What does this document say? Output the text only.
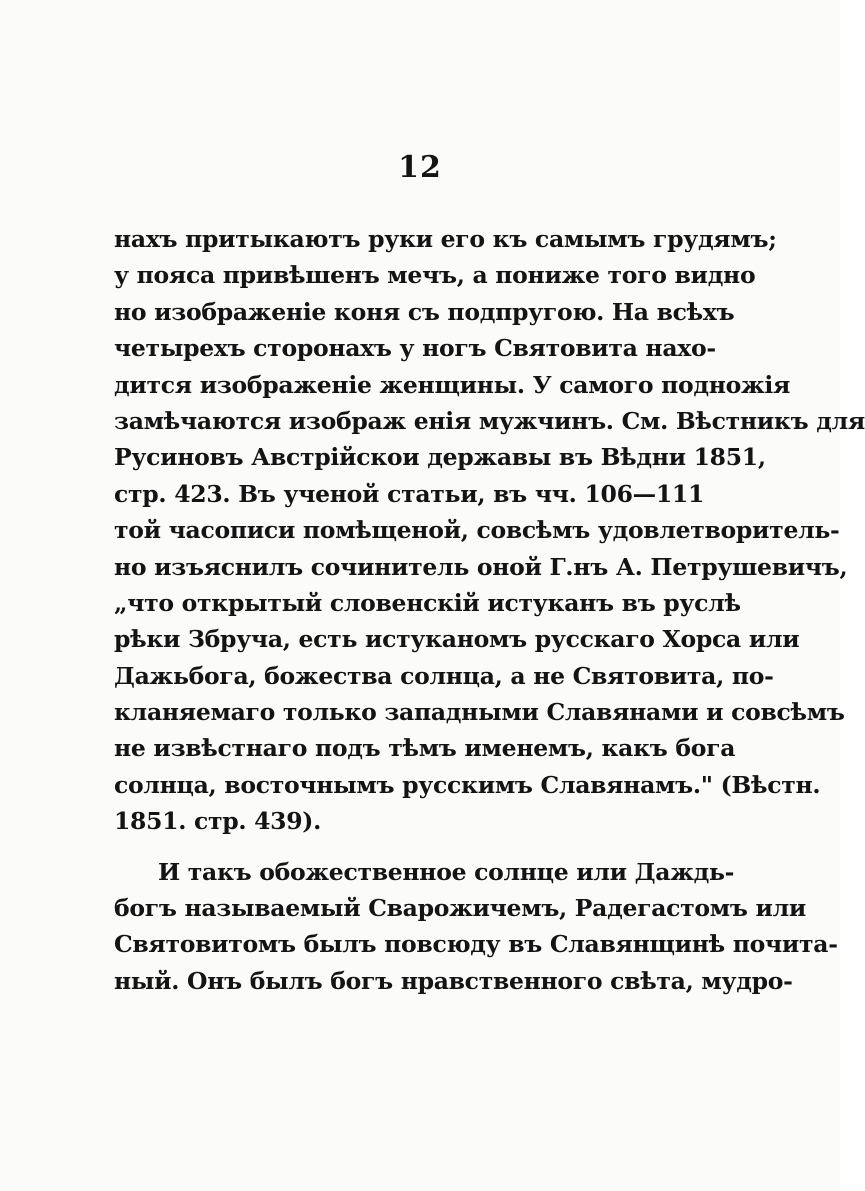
12
нахъ притыкаютъ руки его къ самымъ грудямъ;
у пояса привѣшенъ мечъ, а пониже того видно
но изображенiе коня съ подпругою. На всѣхъ
четырехъ сторонахъ у ногъ Святовита нахо-
дится изображенiе женщины. У самого подножiя
замѣчаются изображ енiя мужчинъ. См. Вѣстникъ для
Русиновъ Австрiйскои державы въ Вѣдни 1851,
стр. 423. Въ ученой статьи, въ чч. 106—111
той часописи помѣщеной, совсѣмъ удовлетворитель-
но изъяснилъ сочинитель оной Г.нъ А. Петрушевичъ,
„что открытый словенскiй истуканъ въ руслѣ
рѣки Збруча, есть истуканомъ русскаго Хорса или
Дажьбога, божества солнца, а не Святовита, по-
кланяемаго только западными Славянами и совсѣмъ
не извѣстнаго подъ тѣмъ именемъ, какъ бога
солнца, восточнымъ русскимъ Славянамъ." (Вѣстн.
1851. стр. 439).
И такъ обожественное солнце или Даждь-
богъ называемый Сварожичемъ, Радегастомъ или
Святовитомъ былъ повсюду въ Славянщинѣ почита-
ный. Онъ былъ богъ нравственного свѣта, мудро-
